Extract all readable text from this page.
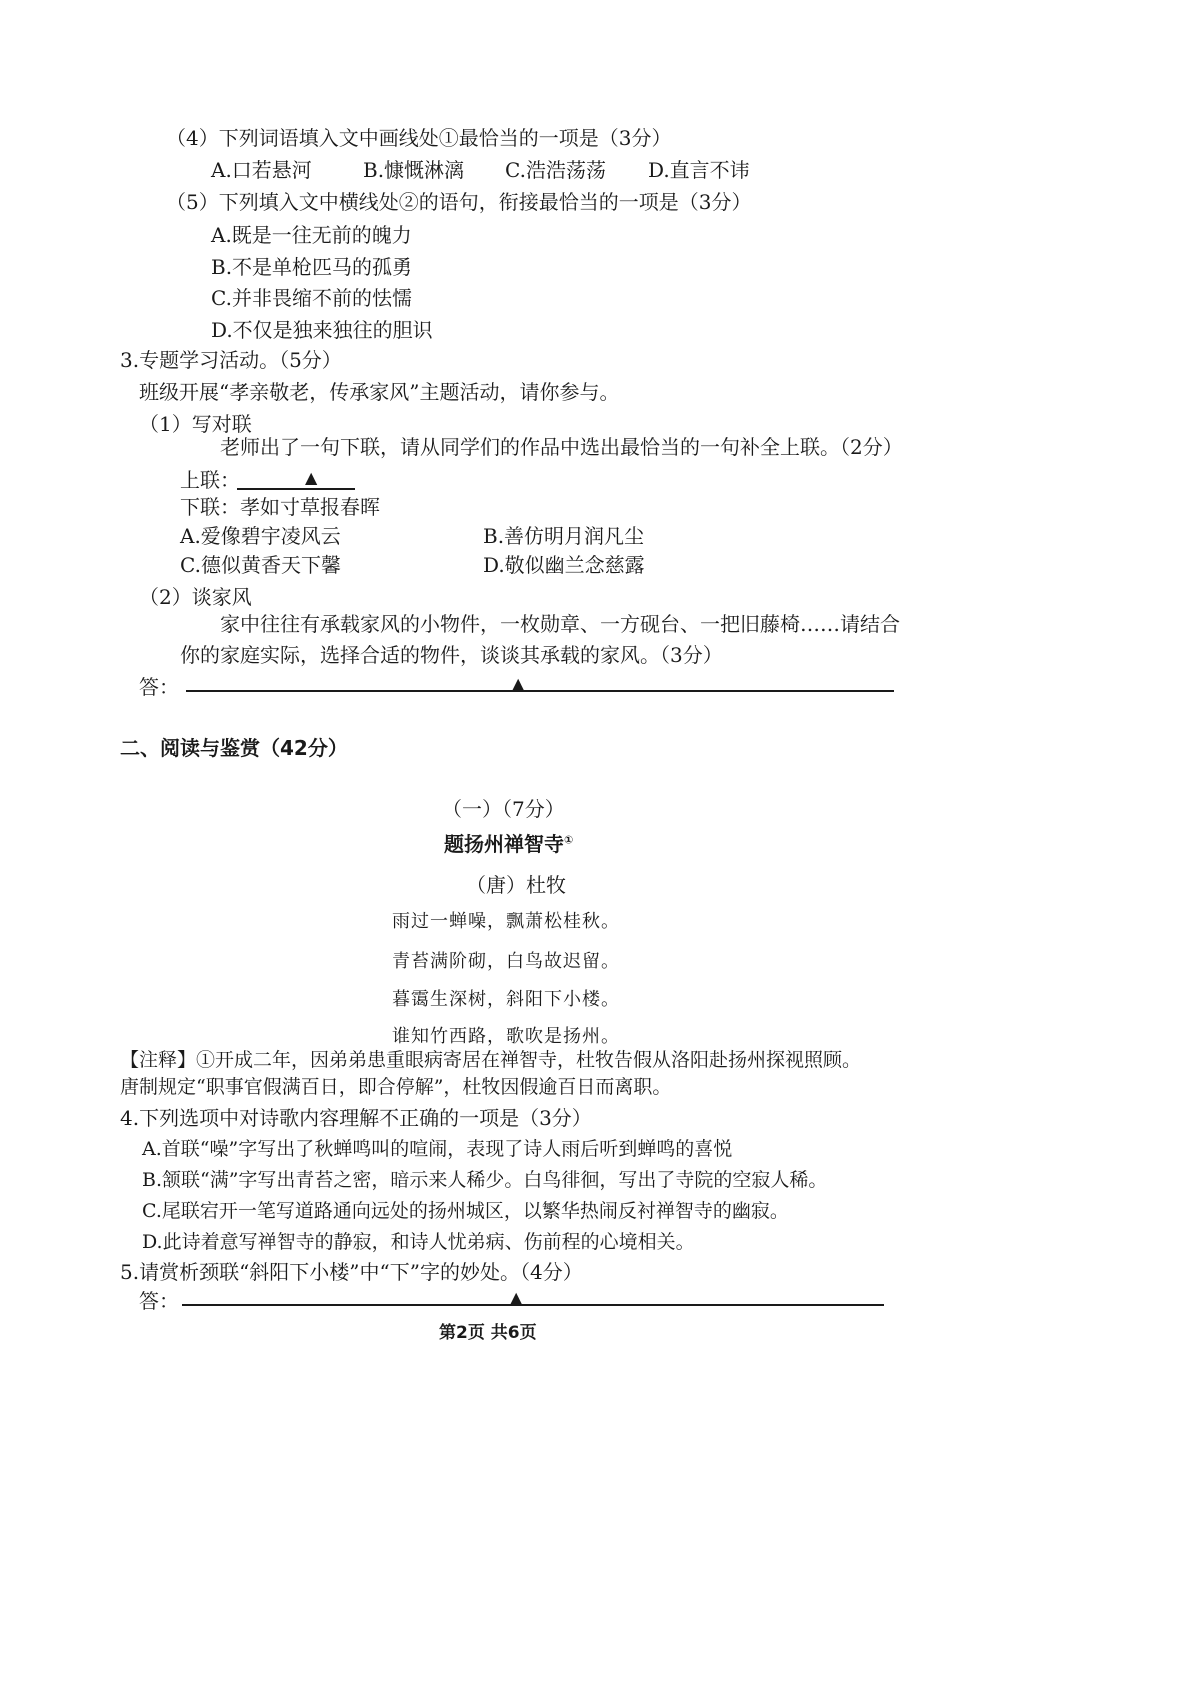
（4）下列词语填入文中画线处①最恰当的一项是（3分）
A.口若悬河	B.慷慨淋漓 C.浩浩荡荡 D.直言不讳
（5）下列填入文中横线处②的语句，衔接最恰当的一项是（3分）
A.既是一往无前的魄力
B.不是单枪匹马的孤勇
C.并非畏缩不前的怯懦
D.不仅是独来独往的胆识
3.专题学习活动。（5分）
班级开展“孝亲敬老，传承家风”主题活动，请你参与。
（1）写对联
老师出了一句下联，请从同学们的作品中选出最恰当的一句补全上联。（2分）
上联：	▲
下联：孝如寸草报春晖
A.爱像碧宇凌风云	B.善仿明月润凡尘
C.德似黄香天下馨	D.敬似幽兰念慈露
（2）谈家风
家中往往有承载家风的小物件，一枚勋章、一方砚台、一把旧藤椅……请结合
你的家庭实际，选择合适的物件，谈谈其承载的家风。（3分）
答：	▲
二、阅读与鉴赏（42分）
（一）（7分）
题扬州禅智寺①
（唐）杜牧
雨过一蝉噪，飘萧松桂秋。
青苔满阶砌，白鸟故迟留。
暮霭生深树，斜阳下小楼。
谁知竹西路，歌吹是扬州。
【注释】①开成二年，因弟弟患重眼病寄居在禅智寺，杜牧告假从洛阳赴扬州探视照顾。
唐制规定“职事官假满百日，即合停解”，杜牧因假逾百日而离职。
4.下列选项中对诗歌内容理解不正确的一项是（3分）
A.首联“噪”字写出了秋蝉鸣叫的喧闹，表现了诗人雨后听到蝉鸣的喜悦
B.颔联“满”字写出青苔之密，暗示来人稀少。白鸟徘徊，写出了寺院的空寂人稀。
C.尾联宕开一笔写道路通向远处的扬州城区，以繁华热闹反衬禅智寺的幽寂。
D.此诗着意写禅智寺的静寂，和诗人忧弟病、伤前程的心境相关。
5.请赏析颈联“斜阳下小楼”中“下”字的妙处。（4分）
答：	▲
第2页 共6页
